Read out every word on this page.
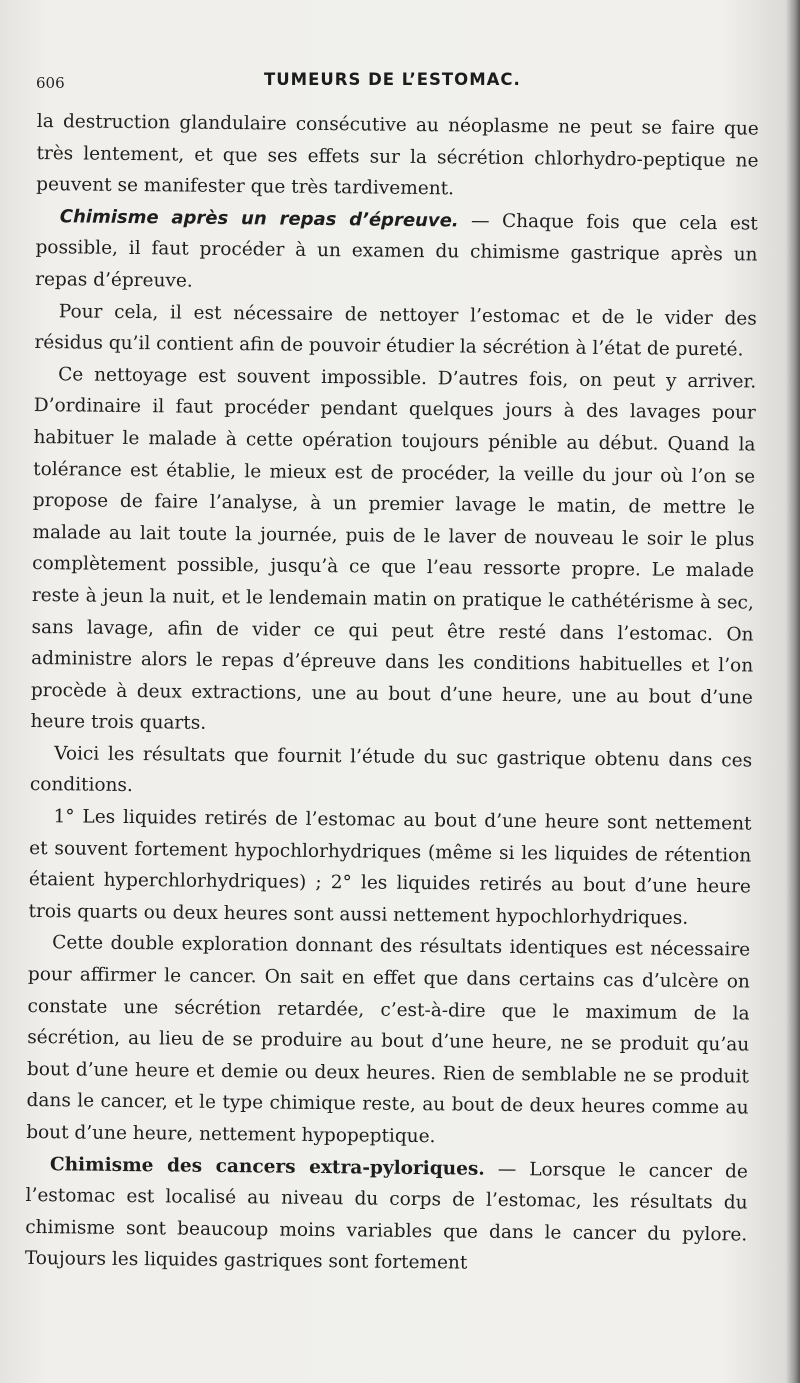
606	TUMEURS DE L’ESTOMAC.

la destruction glandulaire consécutive au néoplasme ne peut se faire que très lentement, et que ses effets sur la sécrétion chlorhydro-peptique ne peuvent se manifester que très tardivement.

Chimisme après un repas d’épreuve. — Chaque fois que cela est possible, il faut procéder à un examen du chimisme gastrique après un repas d’épreuve.

Pour cela, il est nécessaire de nettoyer l’estomac et de le vider des résidus qu’il contient afin de pouvoir étudier la sécrétion à l’état de pureté.

Ce nettoyage est souvent impossible. D’autres fois, on peut y arriver. D’ordinaire il faut procéder pendant quelques jours à des lavages pour habituer le malade à cette opération toujours pénible au début. Quand la tolérance est établie, le mieux est de procéder, la veille du jour où l’on se propose de faire l’analyse, à un premier lavage le matin, de mettre le malade au lait toute la journée, puis de le laver de nouveau le soir le plus complètement possible, jusqu’à ce que l’eau ressorte propre. Le malade reste à jeun la nuit, et le lendemain matin on pratique le cathétérisme à sec, sans lavage, afin de vider ce qui peut être resté dans l’estomac. On administre alors le repas d’épreuve dans les conditions habituelles et l’on procède à deux extractions, une au bout d’une heure, une au bout d’une heure trois quarts.

Voici les résultats que fournit l’étude du suc gastrique obtenu dans ces conditions.

1° Les liquides retirés de l’estomac au bout d’une heure sont nettement et souvent fortement hypochlorhydriques (même si les liquides de rétention étaient hyperchlorhydriques) ; 2° les liquides retirés au bout d’une heure trois quarts ou deux heures sont aussi nettement hypochlorhydriques.

Cette double exploration donnant des résultats identiques est nécessaire pour affirmer le cancer. On sait en effet que dans certains cas d’ulcère on constate une sécrétion retardée, c’est-à-dire que le maximum de la sécrétion, au lieu de se produire au bout d’une heure, ne se produit qu’au bout d’une heure et demie ou deux heures. Rien de semblable ne se produit dans le cancer, et le type chimique reste, au bout de deux heures comme au bout d’une heure, nettement hypopeptique.

Chimisme des cancers extra-pyloriques. — Lorsque le cancer de l’estomac est localisé au niveau du corps de l’estomac, les résultats du chimisme sont beaucoup moins variables que dans le cancer du pylore. Toujours les liquides gastriques sont fortement
